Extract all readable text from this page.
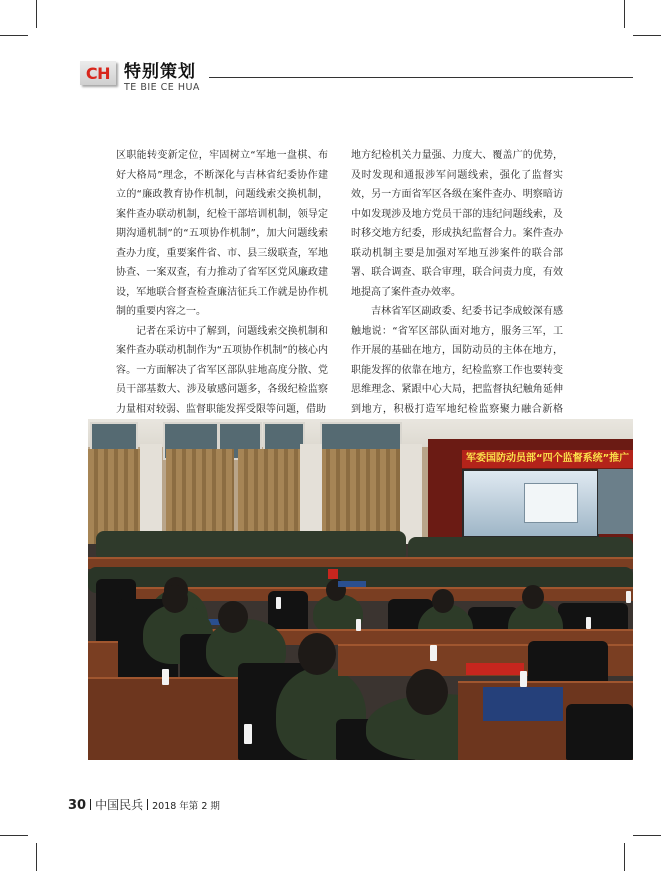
CH 特别策划
TE BIE CE HUA

区职能转变新定位，牢固树立“军地一盘棋、布好大格局”理念，不断深化与吉林省纪委协作建立的“廉政教育协作机制，问题线索交换机制，案件查办联动机制，纪检干部培训机制，领导定期沟通机制”的“五项协作机制”，加大问题线索查办力度，重要案件省、市、县三级联查，军地协查、一案双查，有力推动了省军区党风廉政建设，军地联合督查检查廉洁征兵工作就是协作机制的重要内容之一。

记者在采访中了解到，问题线索交换机制和案件查办联动机制作为“五项协作机制”的核心内容。一方面解决了省军区部队驻地高度分散、党员干部基数大、涉及敏感问题多，各级纪检监察力量相对较弱、监督职能发挥受限等问题，借助

地方纪检机关力量强、力度大、覆盖广的优势，及时发现和通报涉军问题线索，强化了监督实效，另一方面省军区各级在案件查办、明察暗访中如发现涉及地方党员干部的违纪问题线索，及时移交地方纪委，形成执纪监督合力。案件查办联动机制主要是加强对军地互涉案件的联合部署、联合调查、联合审理，联合问责力度，有效地提高了案件查办效率。

吉林省军区副政委、纪委书记李成蛟深有感触地说：“省军区部队面对地方，服务三军，工作开展的基础在地方，国防动员的主体在地方，职能发挥的依靠在地方，纪检监察工作也要转变思维理念、紧跟中心大局，把监督执纪触角延伸到地方，积极打造军地纪检监察聚力融合新格

军委国防动员部“四个监督系统”推广
30 中国民兵 2018 年第 2 期
